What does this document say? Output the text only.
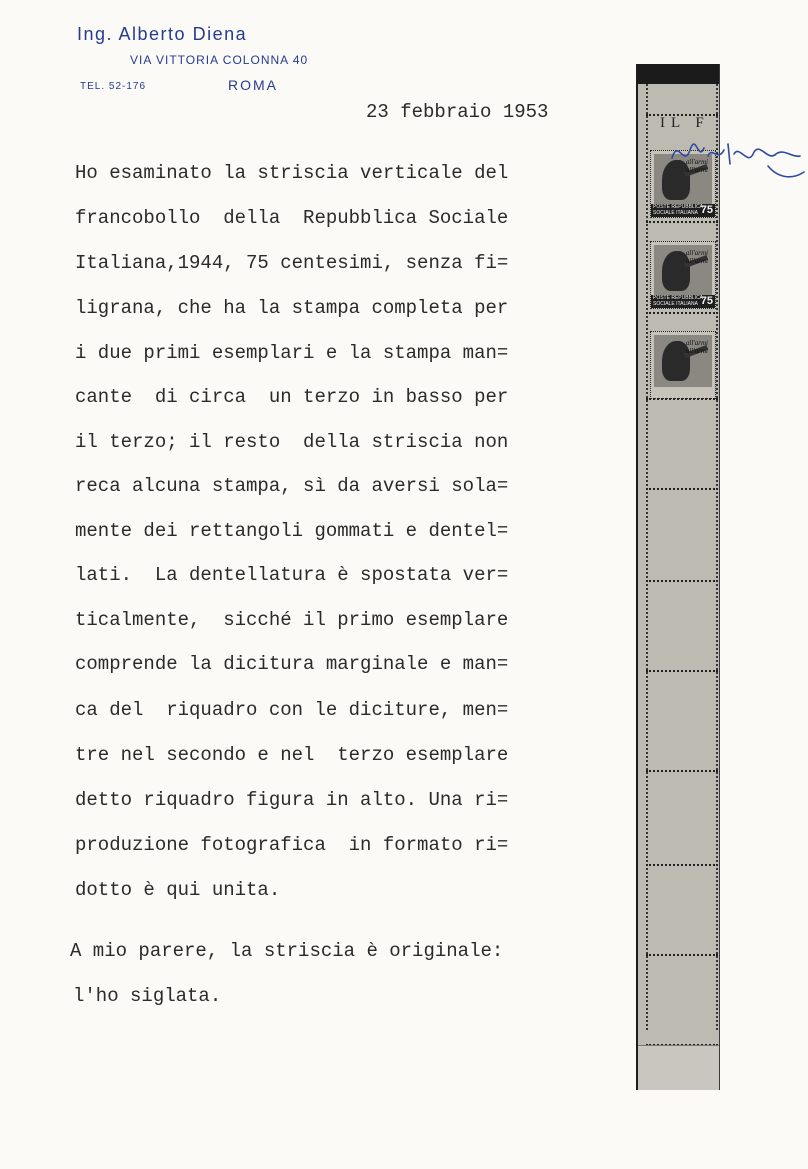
Ing. Alberto Diena
VIA VITTORIA COLONNA 40
TEL. 52-176	ROMA
23 febbraio 1953
Ho esaminato la striscia verticale del
francobollo  della  Repubblica Sociale
Italiana,1944, 75 centesimi, senza fi=
ligrana, che ha la stampa completa per
i due primi esemplari e la stampa man=
cante  di circa  un terzo in basso per
il terzo; il resto  della striscia non
reca alcuna stampa, sì da aversi sola=
mente dei rettangoli gommati e dentel=
lati.  La dentellatura è spostata ver=
ticalmente,  sicché il primo esemplare
comprende la dicitura marginale e man=
ca del  riquadro con le diciture, men=
tre nel secondo e nel  terzo esemplare
detto riquadro figura in alto. Una ri=
produzione fotografica  in formato ri=
dotto è qui unita.
A mio parere, la striscia è originale:
l'ho siglata.
IL F
all'armi all'armi
POSTE REPUBBLICA SOCIALE ITALIANA 75
all'armi all'armi
POSTE REPUBBLICA SOCIALE ITALIANA 75
all'armi all'armi
